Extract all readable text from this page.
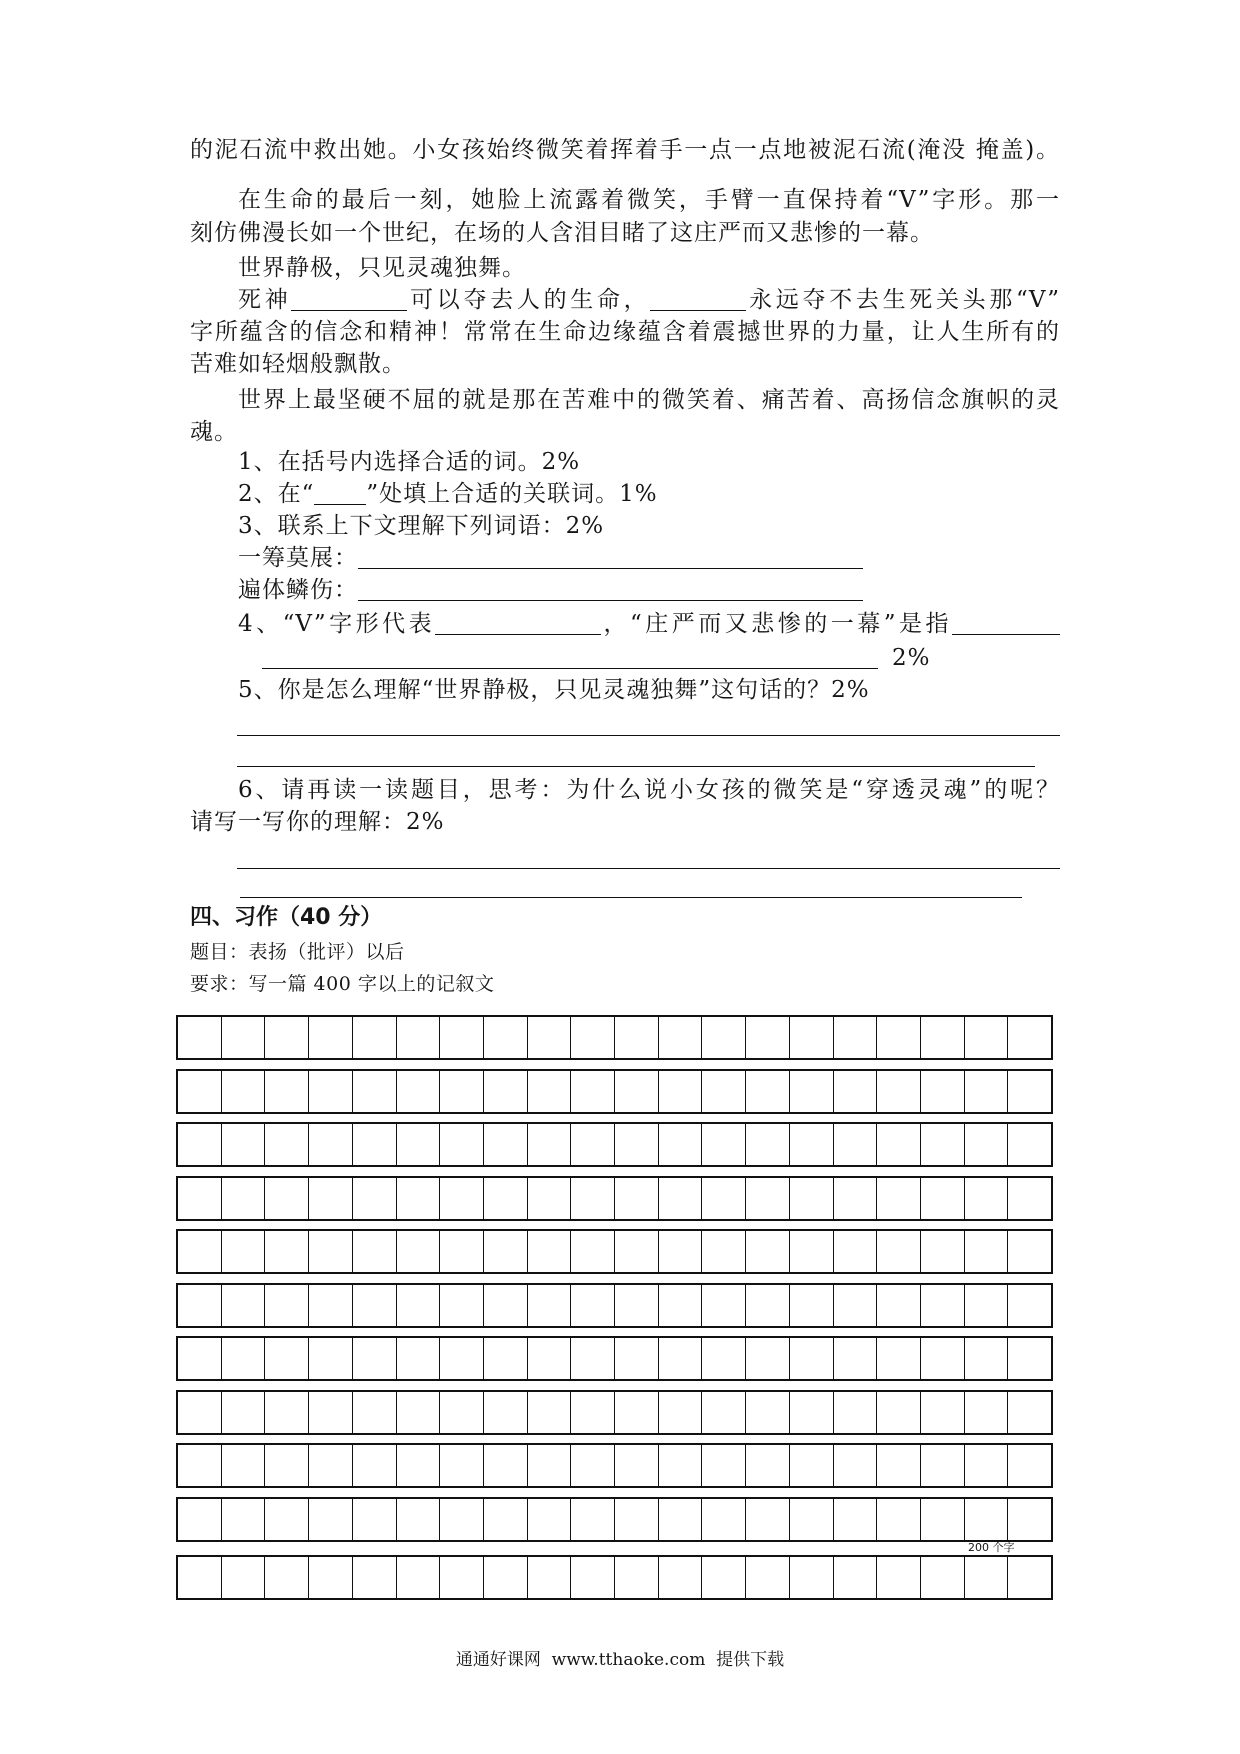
的泥石流中救出她。小女孩始终微笑着挥着手一点一点地被泥石流(淹没 掩盖)。
在生命的最后一刻，她脸上流露着微笑，手臂一直保持着“V”字形。那一
刻仿佛漫长如一个世纪，在场的人含泪目睹了这庄严而又悲惨的一幕。
世界静极，只见灵魂独舞。
死神	可以夺去人的生命，	永远夺不去生死关头那“V”
字所蕴含的信念和精神！常常在生命边缘蕴含着震撼世界的力量，让人生所有的
苦难如轻烟般飘散。
世界上最坚硬不屈的就是那在苦难中的微笑着、痛苦着、高扬信念旗帜的灵
魂。
1、在括号内选择合适的词。2%
2、在“ ”处填上合适的关联词。1%
3、联系上下文理解下列词语：2%
一筹莫展：
遍体鳞伤：
4、“V”字形代表	，“庄严而又悲惨的一幕”是指
2%
5、你是怎么理解“世界静极，只见灵魂独舞”这句话的？2%
6、请再读一读题目，思考：为什么说小女孩的微笑是“穿透灵魂”的呢？
请写一写你的理解：2%
四、习作（40 分）
题目：表扬（批评）以后
要求：写一篇 400 字以上的记叙文
200 个字
通通好课网  www.tthaoke.com  提供下载
